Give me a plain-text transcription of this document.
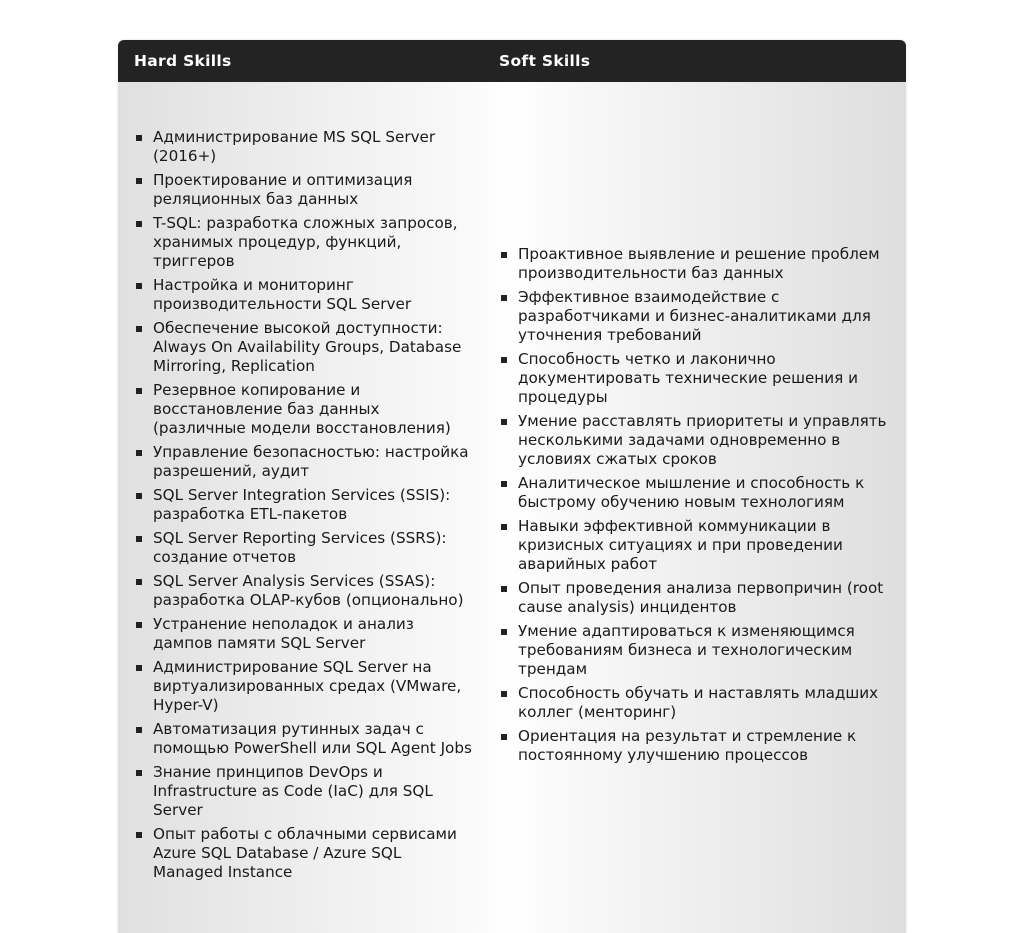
Hard Skills	Soft Skills
Администрирование MS SQL Server (2016+)
Проектирование и оптимизация реляционных баз данных
T-SQL: разработка сложных запросов, хранимых процедур, функций, триггеров
Настройка и мониторинг производительности SQL Server
Обеспечение высокой доступности: Always On Availability Groups, Database Mirroring, Replication
Резервное копирование и восстановление баз данных (различные модели восстановления)
Управление безопасностью: настройка разрешений, аудит
SQL Server Integration Services (SSIS): разработка ETL-пакетов
SQL Server Reporting Services (SSRS): создание отчетов
SQL Server Analysis Services (SSAS): разработка OLAP-кубов (опционально)
Устранение неполадок и анализ дампов памяти SQL Server
Администрирование SQL Server на виртуализированных средах (VMware, Hyper-V)
Автоматизация рутинных задач с помощью PowerShell или SQL Agent Jobs
Знание принципов DevOps и Infrastructure as Code (IaC) для SQL Server
Опыт работы с облачными сервисами Azure SQL Database / Azure SQL Managed Instance
Проактивное выявление и решение проблем производительности баз данных
Эффективное взаимодействие с разработчиками и бизнес-аналитиками для уточнения требований
Способность четко и лаконично документировать технические решения и процедуры
Умение расставлять приоритеты и управлять несколькими задачами одновременно в условиях сжатых сроков
Аналитическое мышление и способность к быстрому обучению новым технологиям
Навыки эффективной коммуникации в кризисных ситуациях и при проведении аварийных работ
Опыт проведения анализа первопричин (root cause analysis) инцидентов
Умение адаптироваться к изменяющимся требованиям бизнеса и технологическим трендам
Способность обучать и наставлять младших коллег (менторинг)
Ориентация на результат и стремление к постоянному улучшению процессов
